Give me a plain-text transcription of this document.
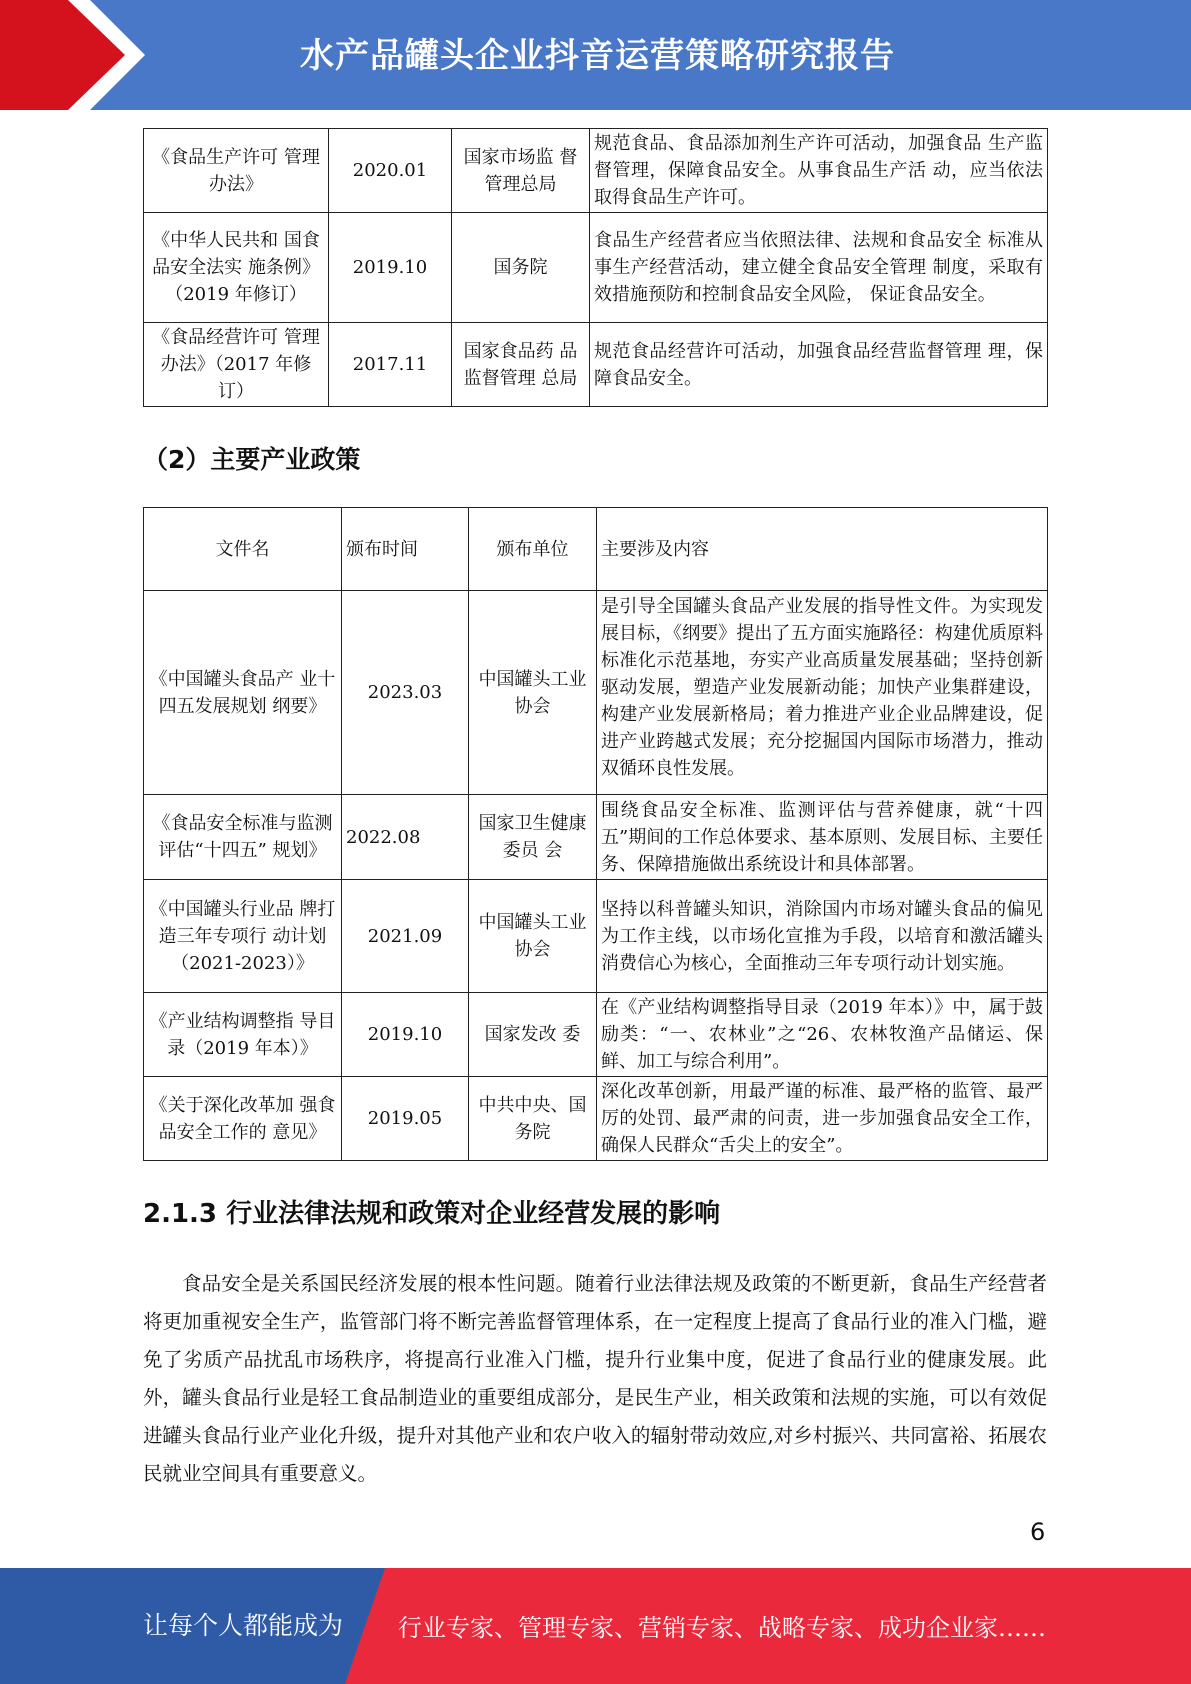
水产品罐头企业抖音运营策略研究报告
《食品生产许可 管理办法》	2020.01	国家市场监 督管理总局	规范食品、食品添加剂生产许可活动，加强食品 生产监督管理，保障食品安全。从事食品生产活 动，应当依法取得食品生产许可。
《中华人民共和 国食品安全法实 施条例》（2019 年修订）	2019.10	国务院	食品生产经营者应当依照法律、法规和食品安全 标准从事生产经营活动，建立健全食品安全管理 制度，采取有效措施预防和控制食品安全风险， 保证食品安全。
《食品经营许可 管理办法》（2017 年修订）	2017.11	国家食品药 品监督管理 总局	规范食品经营许可活动，加强食品经营监督管理 理，保障食品安全。
（2）主要产业政策
文件名	颁布时间	颁布单位	主要涉及内容
《中国罐头食品产 业十四五发展规划 纲要》	2023.03	中国罐头工业协会	是引导全国罐头食品产业发展的指导性文件。为实现发展目标，《纲要》提出了五方面实施路径：构建优质原料标准化示范基地，夯实产业高质量发展基础；坚持创新驱动发展，塑造产业发展新动能；加快产业集群建设，构建产业发展新格局；着力推进产业企业品牌建设，促进产业跨越式发展；充分挖掘国内国际市场潜力，推动双循环良性发展。

《食品安全标准与监测评估“十四五” 规划》	2022.08	国家卫生健康委员 会	围绕食品安全标准、监测评估与营养健康，就“十四五”期间的工作总体要求、基本原则、发展目标、主要任务、保障措施做出系统设计和具体部署。

《中国罐头行业品 牌打造三年专项行 动计划（2021-2023）》	2021.09	中国罐头工业协会	坚持以科普罐头知识，消除国内市场对罐头食品的偏见为工作主线，以市场化宣推为手段，以培育和激活罐头消费信心为核心，全面推动三年专项行动计划实施。
《产业结构调整指 导目录（2019 年本）》	2019.10	国家发改 委	在《产业结构调整指导目录（2019 年本）》中，属于鼓励类：“一、农林业”之“26、农林牧渔产品储运、保鲜、加工与综合利用”。
《关于深化改革加 强食品安全工作的 意见》	2019.05	中共中央、国务院	深化改革创新，用最严谨的标准、最严格的监管、最严厉的处罚、最严肃的问责，进一步加强食品安全工作，确保人民群众“舌尖上的安全”。
2.1.3 行业法律法规和政策对企业经营发展的影响

食品安全是关系国民经济发展的根本性问题。随着行业法律法规及政策的不断更新，食品生产经营者将更加重视安全生产，监管部门将不断完善监督管理体系，在一定程度上提高了食品行业的准入门槛，避免了劣质产品扰乱市场秩序，将提高行业准入门槛，提升行业集中度，促进了食品行业的健康发展。此外，罐头食品行业是轻工食品制造业的重要组成部分，是民生产业，相关政策和法规的实施，可以有效促进罐头食品行业产业化升级，提升对其他产业和农户收入的辐射带动效应,对乡村振兴、共同富裕、拓展农民就业空间具有重要意义。

6
让每个人都能成为 行业专家、管理专家、营销专家、战略专家、成功企业家……
